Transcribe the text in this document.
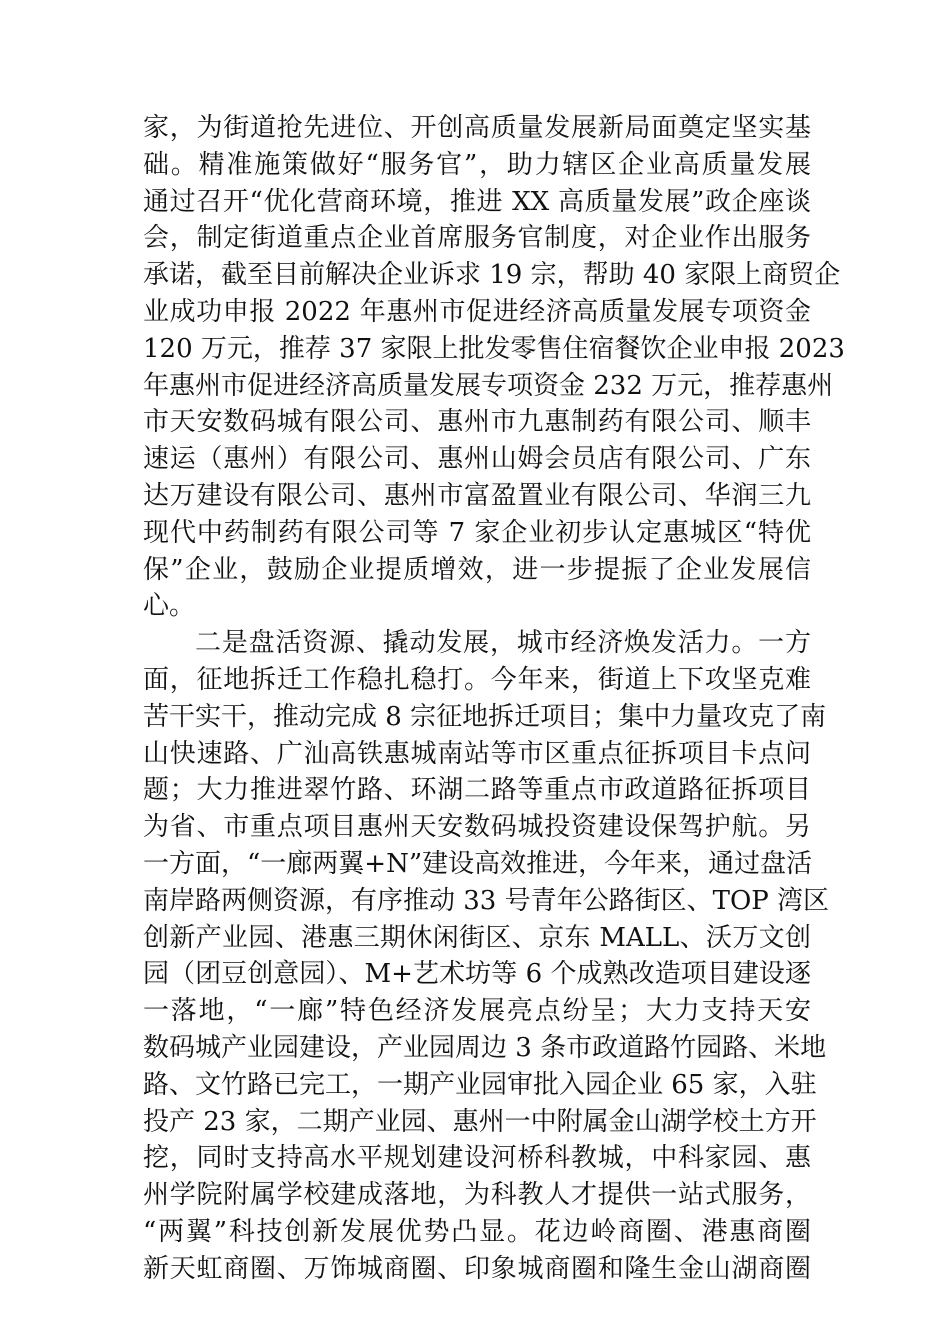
家，为街道抢先进位、开创高质量发展新局面奠定坚实基
础。精准施策做好“服务官”，助力辖区企业高质量发展
通过召开“优化营商环境，推进 XX 高质量发展”政企座谈
会，制定街道重点企业首席服务官制度，对企业作出服务
承诺，截至目前解决企业诉求 19 宗，帮助 40 家限上商贸企
业成功申报 2022 年惠州市促进经济高质量发展专项资金
120 万元，推荐 37 家限上批发零售住宿餐饮企业申报 2023
年惠州市促进经济高质量发展专项资金 232 万元，推荐惠州
市天安数码城有限公司、惠州市九惠制药有限公司、顺丰
速运（惠州）有限公司、惠州山姆会员店有限公司、广东
达万建设有限公司、惠州市富盈置业有限公司、华润三九
现代中药制药有限公司等 7 家企业初步认定惠城区“特优
保”企业，鼓励企业提质增效，进一步提振了企业发展信
心。
二是盘活资源、撬动发展，城市经济焕发活力。一方
面，征地拆迁工作稳扎稳打。今年来，街道上下攻坚克难
苦干实干，推动完成 8 宗征地拆迁项目；集中力量攻克了南
山快速路、广汕高铁惠城南站等市区重点征拆项目卡点问
题；大力推进翠竹路、环湖二路等重点市政道路征拆项目
为省、市重点项目惠州天安数码城投资建设保驾护航。另
一方面，“一廊两翼+N”建设高效推进，今年来，通过盘活
南岸路两侧资源，有序推动 33 号青年公路街区、TOP 湾区
创新产业园、港惠三期休闲街区、京东 MALL、沃万文创
园（团豆创意园）、M+艺术坊等 6 个成熟改造项目建设逐
一落地，“一廊”特色经济发展亮点纷呈；大力支持天安
数码城产业园建设，产业园周边 3 条市政道路竹园路、米地
路、文竹路已完工，一期产业园审批入园企业 65 家，入驻
投产 23 家，二期产业园、惠州一中附属金山湖学校土方开
挖，同时支持高水平规划建设河桥科教城，中科家园、惠
州学院附属学校建成落地，为科教人才提供一站式服务，
“两翼”科技创新发展优势凸显。花边岭商圈、港惠商圈
新天虹商圈、万饰城商圈、印象城商圈和隆生金山湖商圈
